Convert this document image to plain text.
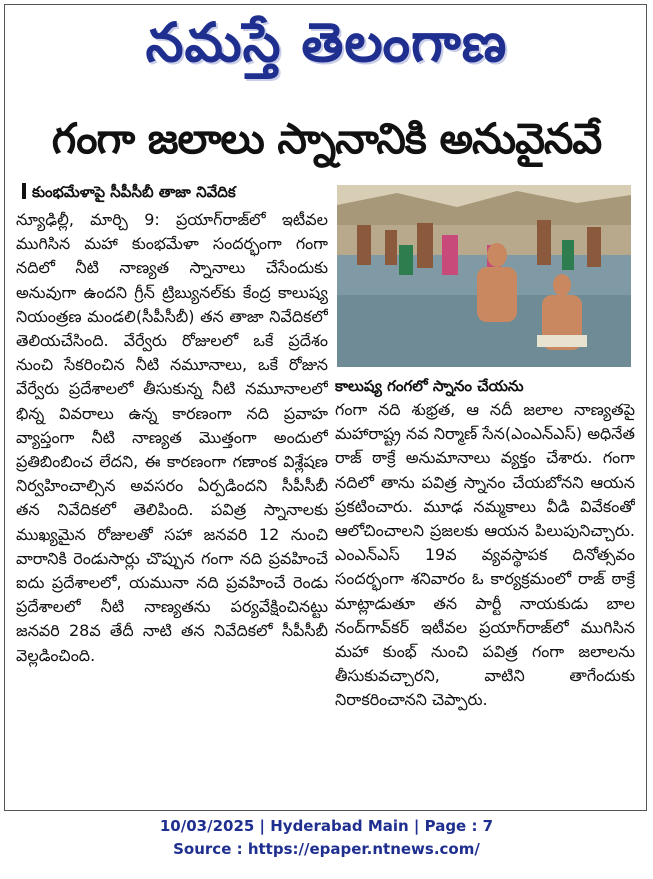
నమస్తే తెలంగాణ
గంగా జలాలు స్నానానికి అనువైనవే
కుంభమేళాపై సీపీసీబీ తాజా నివేదిక
న్యూఢిల్లీ, మార్చి 9: ప్రయాగ్‌రాజ్‌లో ఇటీవల ముగిసిన మహా కుంభమేళా సందర్భంగా గంగా నదిలో నీటి నాణ్యత స్నానాలు చేసేందుకు అనువుగా ఉందని గ్రీన్ ట్రిబ్యునల్‌కు కేంద్ర కాలుష్య నియంత్రణ మండలి(సీపీసీబీ) తన తాజా నివేదికలో తెలియచేసింది. వేర్వేరు రోజులలో ఒకే ప్రదేశం నుంచి సేకరించిన నీటి నమూనాలు, ఒకే రోజున వేర్వేరు ప్రదేశాలలో తీసుకున్న నీటి నమూనాలలో భిన్న వివరాలు ఉన్న కారణంగా నది ప్రవాహ వ్యాప్తంగా నీటి నాణ్యత మొత్తంగా అందులో ప్రతిబింబించ లేదని, ఈ కారణంగా గణాంక విశ్లేషణ నిర్వహించాల్సిన అవసరం ఏర్పడిందని సీపీసీబీ తన నివేదికలో తెలిపింది. పవిత్ర స్నానాలకు ముఖ్యమైన రోజులతో సహా జనవరి 12 నుంచి వారానికి రెండుసార్లు చొప్పున గంగా నది ప్రవహించే ఐదు ప్రదేశాలలో, యమునా నది ప్రవహించే రెండు ప్రదేశాలలో నీటి నాణ్యతను పర్యవేక్షించినట్టు జనవరి 28వ తేదీ నాటి తన నివేదికలో సీపీసీబీ వెల్లడించింది.
కాలుష్య గంగలో స్నానం చేయను
గంగా నది శుభ్రత, ఆ నదీ జలాల నాణ్యతపై మహారాష్ట్ర నవ నిర్మాణ్ సేన(ఎంఎన్‌ఎస్) అధినేత రాజ్ ఠాక్రే అనుమానాలు వ్యక్తం చేశారు. గంగా నదిలో తాను పవిత్ర స్నానం చేయబోనని ఆయన ప్రకటించారు. మూఢ నమ్మకాలు వీడి వివేకంతో ఆలోచించాలని ప్రజలకు ఆయన పిలుపునిచ్చారు. ఎంఎన్‌ఎస్ 19వ వ్యవస్థాపక దినోత్సవం సందర్భంగా శనివారం ఓ కార్యక్రమంలో రాజ్ ఠాక్రే మాట్లాడుతూ తన పార్టీ నాయకుడు బాల నంద్‌గావ్‌కర్ ఇటీవల ప్రయాగ్‌రాజ్‌లో ముగిసిన మహా కుంభ్ నుంచి పవిత్ర గంగా జలాలను తీసుకువచ్చారని, వాటిని తాగేందుకు నిరాకరించానని చెప్పారు.
10/03/2025 | Hyderabad Main | Page : 7
Source : https://epaper.ntnews.com/
